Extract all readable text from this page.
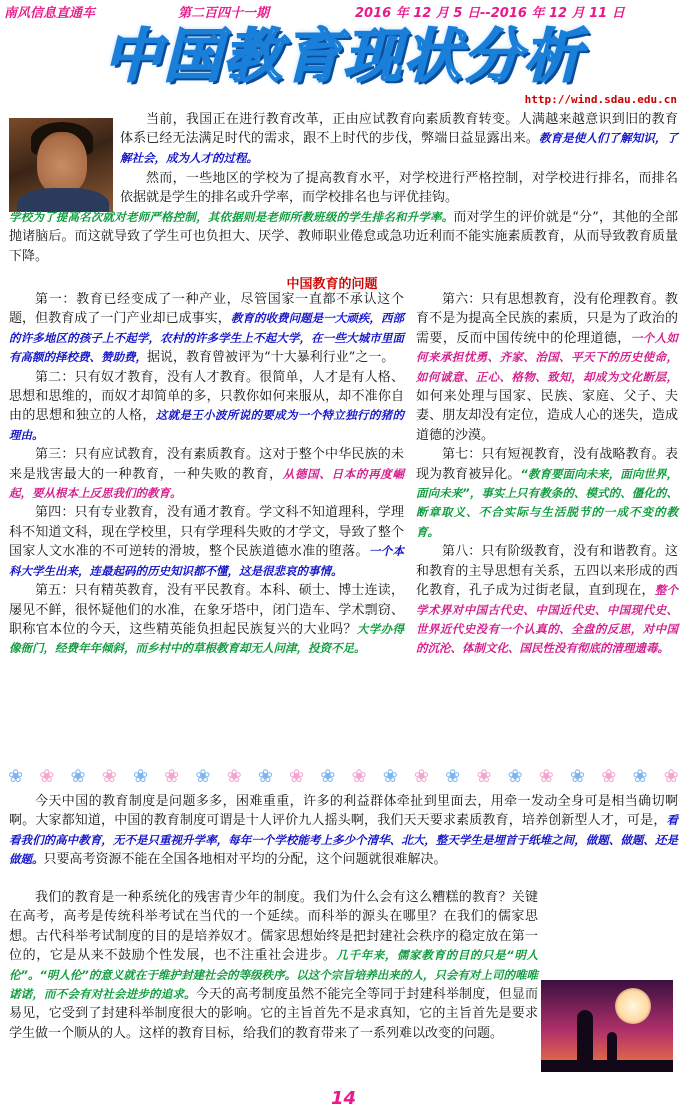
南风信息直通车	第二百四十一期	2016 年 12 月 5 日--2016 年 12 月 11 日
中国教育现状分析
http://wind.sdau.edu.cn

当前，我国正在进行教育改革，正由应试教育向素质教育转变。人满越来越意识到旧的教育体系已经无法满足时代的需求，跟不上时代的步伐，弊端日益显露出来。教育是使人们了解知识，了解社会，成为人才的过程。

然而，一些地区的学校为了提高教育水平，对学校进行严格控制，对学校进行排名，而排名依据就是学生的排名或升学率，而学校排名也与评优挂钩。

学校为了提高名次就对老师严格控制，其依据则是老师所教班级的学生排名和升学率。而对学生的评价就是“分”，其他的全部抛诸脑后。而这就导致了学生可也负担大、厌学、教师职业倦怠或急功近利而不能实施素质教育，从而导致教育质量下降。

中国教育的问题
第一：教育已经变成了一种产业，尽管国家一直都不承认这个题，但教育成了一门产业却已成事实，教育的收费问题是一大顽疾，西部的许多地区的孩子上不起学，农村的许多学生上不起大学，在一些大城市里面有高额的择校费、赞助费，据说，教育曾被评为“十大暴利行业”之一。
第二：只有奴才教育，没有人才教育。很简单，人才是有人格、思想和思维的，而奴才却简单的多，只教你如何来服从，却不准你自由的思想和独立的人格，这就是王小波所说的要成为一个特立独行的猪的理由。
第三：只有应试教育，没有素质教育。这对于整个中华民族的未来是戕害最大的一种教育，一种失败的教育，从德国、日本的再度崛起，要从根本上反思我们的教育。
第四：只有专业教育，没有通才教育。学文科不知道理科，学理科不知道文科，现在学校里，只有学理科失败的才学文，导致了整个国家人文水准的不可逆转的滑坡，整个民族道德水准的堕落。一个本科大学生出来，连最起码的历史知识都不懂，这是很悲哀的事情。
第五：只有精英教育，没有平民教育。本科、硕士、博士连读，屡见不鲜，很怀疑他们的水准，在象牙塔中，闭门造车、学术剽窃、职称官本位的今天，这些精英能负担起民族复兴的大业吗？大学办得像衙门，经费年年倾斜，而乡村中的草根教育却无人问津，投资不足。
第六：只有思想教育，没有伦理教育。教育不是为提高全民族的素质，只是为了政治的需要，反而中国传统中的伦理道德，一个人如何来承担忧勇、齐家、治国、平天下的历史使命，如何诚意、正心、格物、致知，却成为文化断层，如何来处理与国家、民族、家庭、父子、夫妻、朋友却没有定位，造成人心的迷失，造成道德的沙漠。
第七：只有短视教育，没有战略教育。表现为教育被异化。“教育要面向未来，面向世界，面向未来”，事实上只有教条的、模式的、僵化的、断章取义、不合实际与生活脱节的一成不变的教育。
第八：只有阶级教育，没有和谐教育。这和教育的主导思想有关系，五四以来形成的西化教育，孔子成为过街老鼠，直到现在，整个学术界对中国古代史、中国近代史、中国现代史、世界近代史没有一个认真的、全盘的反思，对中国的沉沦、体制文化、国民性没有彻底的清理遗毒。
❀ ❀ ❀ ❀ ❀ ❀ ❀ ❀ ❀ ❀ ❀ ❀ ❀ ❀ ❀ ❀ ❀ ❀ ❀ ❀ ❀ ❀

今天中国的教育制度是问题多多，困难重重，许多的利益群体牵扯到里面去，用牵一发动全身可是相当确切啊啊。大家都知道，中国的教育制度可谓是十人评价九人摇头啊，我们天天要求素质教育，培养创新型人才，可是，看看我们的高中教育，无不是只重视升学率，每年一个学校能考上多少个清华、北大，整天学生是埋首于纸堆之间，做题、做题、还是做题。只要高考资源不能在全国各地相对平均的分配，这个问题就很难解决。

我们的教育是一种系统化的残害青少年的制度。我们为什么会有这么糟糕的教育？关键在高考，高考是传统科举考试在当代的一个延续。而科举的源头在哪里？在我们的儒家思想。古代科举考试制度的目的是培养奴才。儒家思想始终是把封建社会秩序的稳定放在第一位的，它是从来不鼓励个性发展，也不注重社会进步。几千年来，儒家教育的目的只是“明人伦”。“明人伦”的意义就在于维护封建社会的等级秩序。以这个宗旨培养出来的人，只会有对上司的唯唯诺诺，而不会有对社会进步的追求。今天的高考制度虽然不能完全等同于封建科举制度，但显而易见，它受到了封建科举制度很大的影响。它的主旨首先不是求真知，它的主旨首先是要求学生做一个顺从的人。这样的教育目标，给我们的教育带来了一系列难以改变的问题。

14
